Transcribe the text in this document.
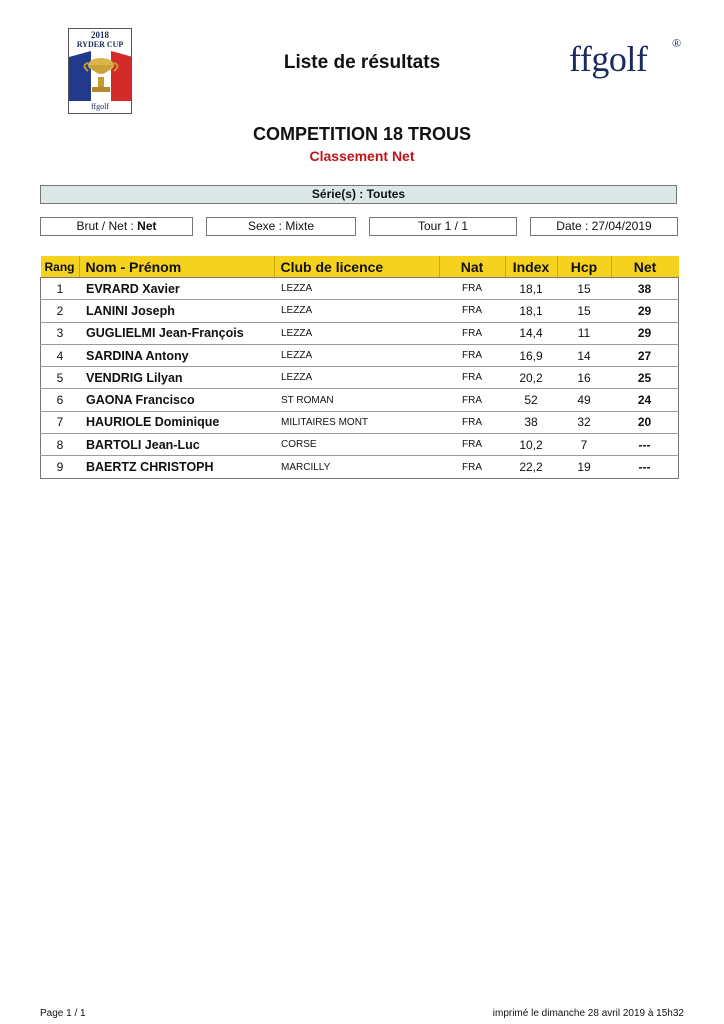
2018
RYDER CUP
ffgolf
Liste de résultats	ffgolf ®
COMPETITION 18 TROUS
Classement Net
Série(s) : Toutes
Brut / Net : Net	Sexe : Mixte	Tour 1 / 1	Date : 27/04/2019
Rang	Nom - Prénom	Club de licence	Nat	Index	Hcp	Net
1	EVRARD Xavier	LEZZA	FRA	18,1	15	38
2	LANINI Joseph	LEZZA	FRA	18,1	15	29
3	GUGLIELMI Jean-François	LEZZA	FRA	14,4	11	29
4	SARDINA Antony	LEZZA	FRA	16,9	14	27
5	VENDRIG Lilyan	LEZZA	FRA	20,2	16	25
6	GAONA Francisco	ST ROMAN	FRA	52	49	24
7	HAURIOLE Dominique	MILITAIRES MONT	FRA	38	32	20
8	BARTOLI Jean-Luc	CORSE	FRA	10,2	7	---
9	BAERTZ CHRISTOPH	MARCILLY	FRA	22,2	19	---
Page 1 / 1	imprimé le dimanche 28 avril 2019 à 15h32
